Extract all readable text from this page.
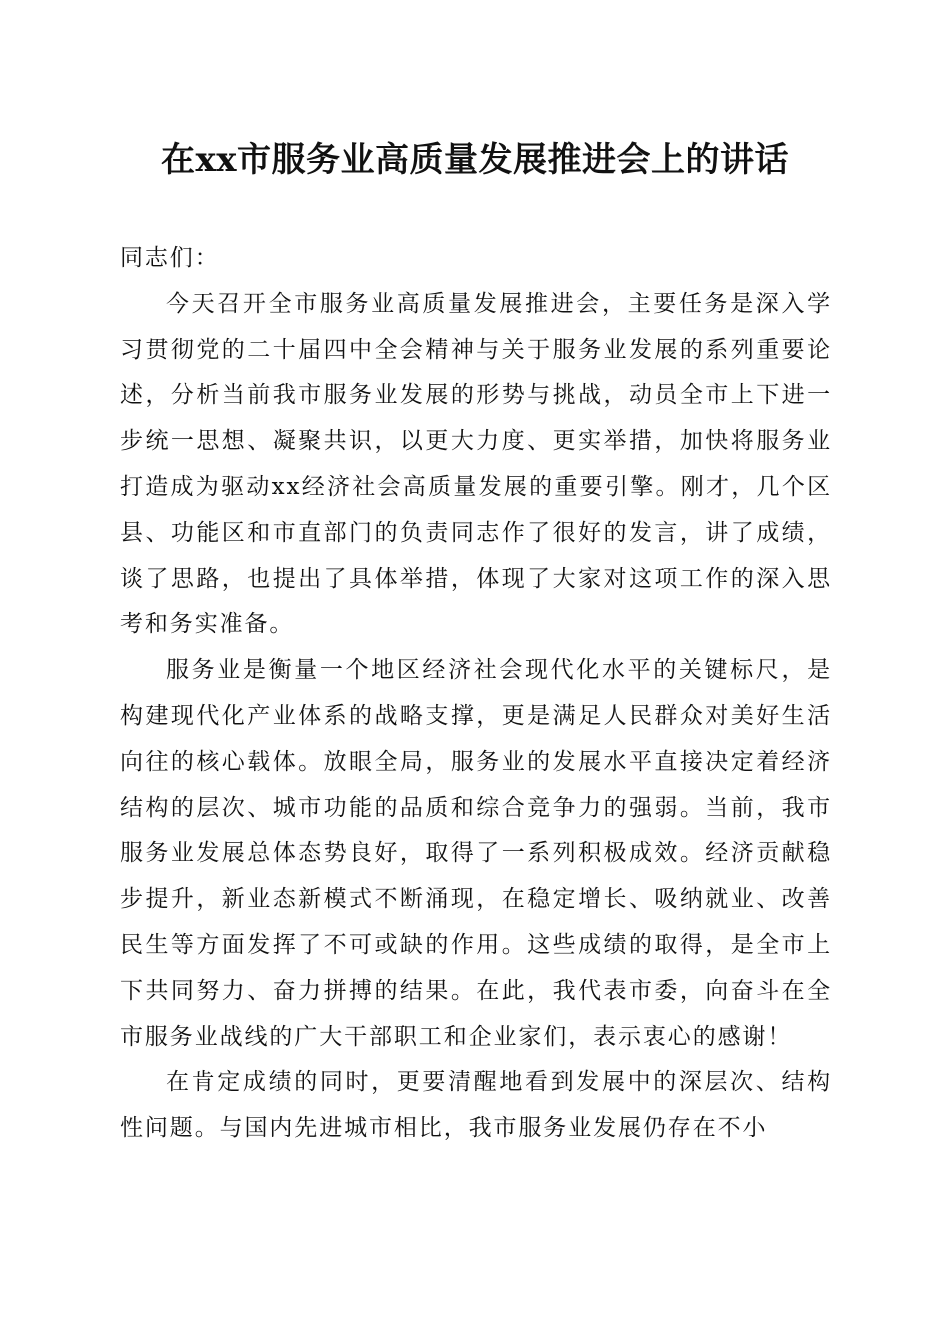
在xx市服务业高质量发展推进会上的讲话

同志们：

今天召开全市服务业高质量发展推进会，主要任务是深入学习贯彻党的二十届四中全会精神与关于服务业发展的系列重要论述，分析当前我市服务业发展的形势与挑战，动员全市上下进一步统一思想、凝聚共识，以更大力度、更实举措，加快将服务业打造成为驱动xx经济社会高质量发展的重要引擎。刚才，几个区县、功能区和市直部门的负责同志作了很好的发言，讲了成绩，谈了思路，也提出了具体举措，体现了大家对这项工作的深入思考和务实准备。

服务业是衡量一个地区经济社会现代化水平的关键标尺，是构建现代化产业体系的战略支撑，更是满足人民群众对美好生活向往的核心载体。放眼全局，服务业的发展水平直接决定着经济结构的层次、城市功能的品质和综合竞争力的强弱。当前，我市服务业发展总体态势良好，取得了一系列积极成效。经济贡献稳步提升，新业态新模式不断涌现，在稳定增长、吸纳就业、改善民生等方面发挥了不可或缺的作用。这些成绩的取得，是全市上下共同努力、奋力拼搏的结果。在此，我代表市委，向奋斗在全市服务业战线的广大干部职工和企业家们，表示衷心的感谢！

在肯定成绩的同时，更要清醒地看到发展中的深层次、结构性问题。与国内先进城市相比，我市服务业发展仍存在不小
